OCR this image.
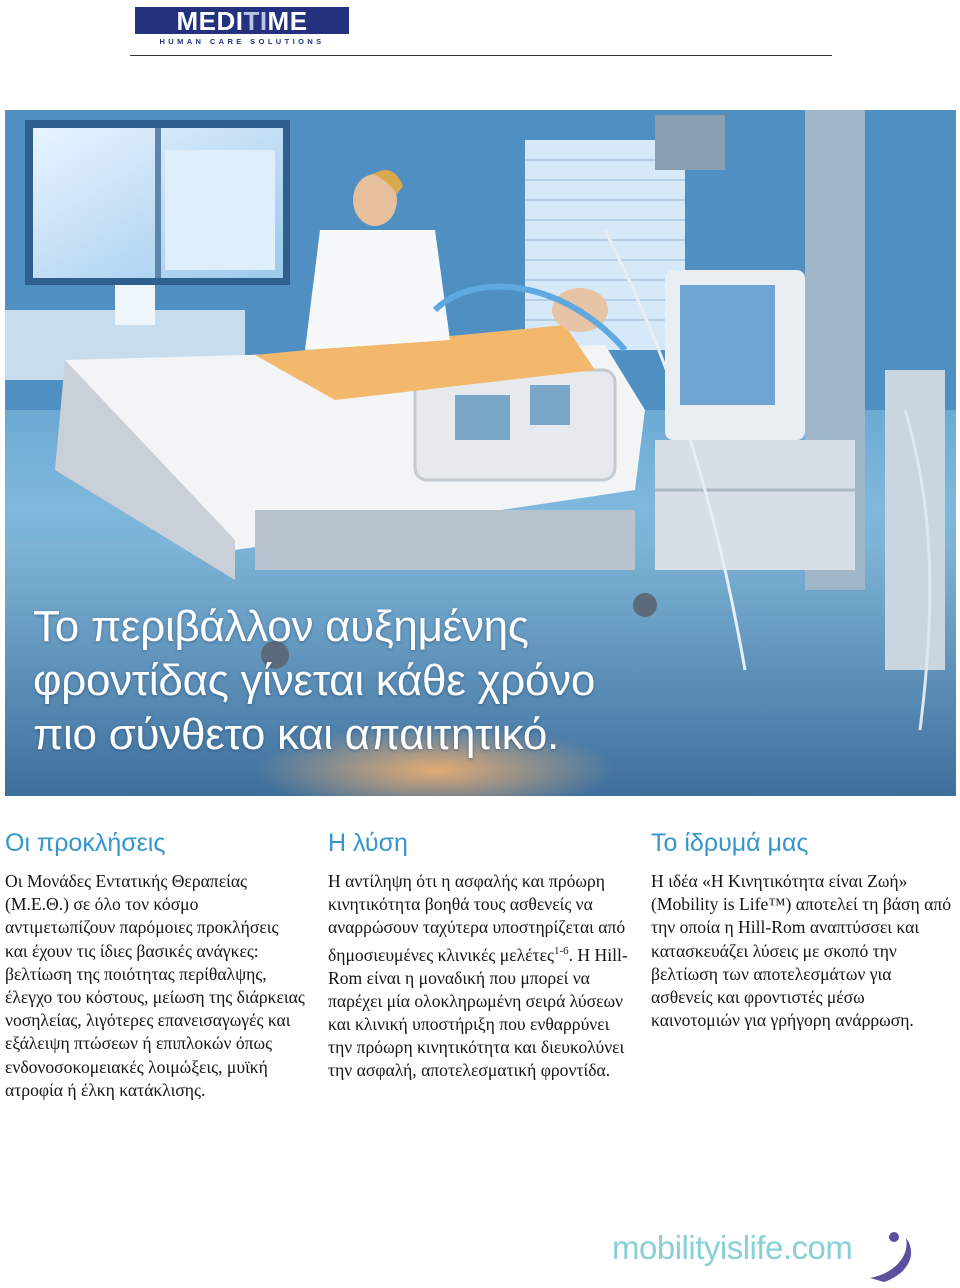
MEDITIME
HUMAN CARE SOLUTIONS
Το περιβάλλον αυξημένης
φροντίδας γίνεται κάθε χρόνο
πιο σύνθετο και απαιτητικό.
Οι προκλήσεις

Οι Μονάδες Εντατικής Θεραπείας (Μ.Ε.Θ.) σε όλο τον κόσμο αντιμετωπίζουν παρόμοιες προκλήσεις και έχουν τις ίδιες βασικές ανάγκες: βελτίωση της ποιότητας περίθαλψης, έλεγχο του κόστους, μείωση της διάρκειας νοσηλείας, λιγότερες επανεισαγωγές και εξάλειψη πτώσεων ή επιπλοκών όπως ενδονοσοκομειακές λοιμώξεις, μυϊκή ατροφία ή έλκη κατάκλισης.

Η λύση

Η αντίληψη ότι η ασφαλής και πρόωρη κινητικότητα βοηθά τους ασθενείς να αναρρώσουν ταχύτερα υποστηρίζεται από δημοσιευμένες κλινικές μελέτες$^{1-6}$. Η Hill-Rom είναι η μοναδική που μπορεί να παρέχει μία ολοκληρωμένη σειρά λύσεων και κλινική υποστήριξη που ενθαρρύνει την πρόωρη κινητικότητα και διευκολύνει την ασφαλή, αποτελεσματική φροντίδα.

Το ίδρυμά μας

Η ιδέα «Η Κινητικότητα είναι Ζωή» (Mobility is Life™) αποτελεί τη βάση από την οποία η Hill-Rom αναπτύσσει και κατασκευάζει λύσεις με σκοπό την βελτίωση των αποτελεσμάτων για ασθενείς και φροντιστές μέσω καινοτομιών για γρήγορη ανάρρωση.

mobilityislife.com
